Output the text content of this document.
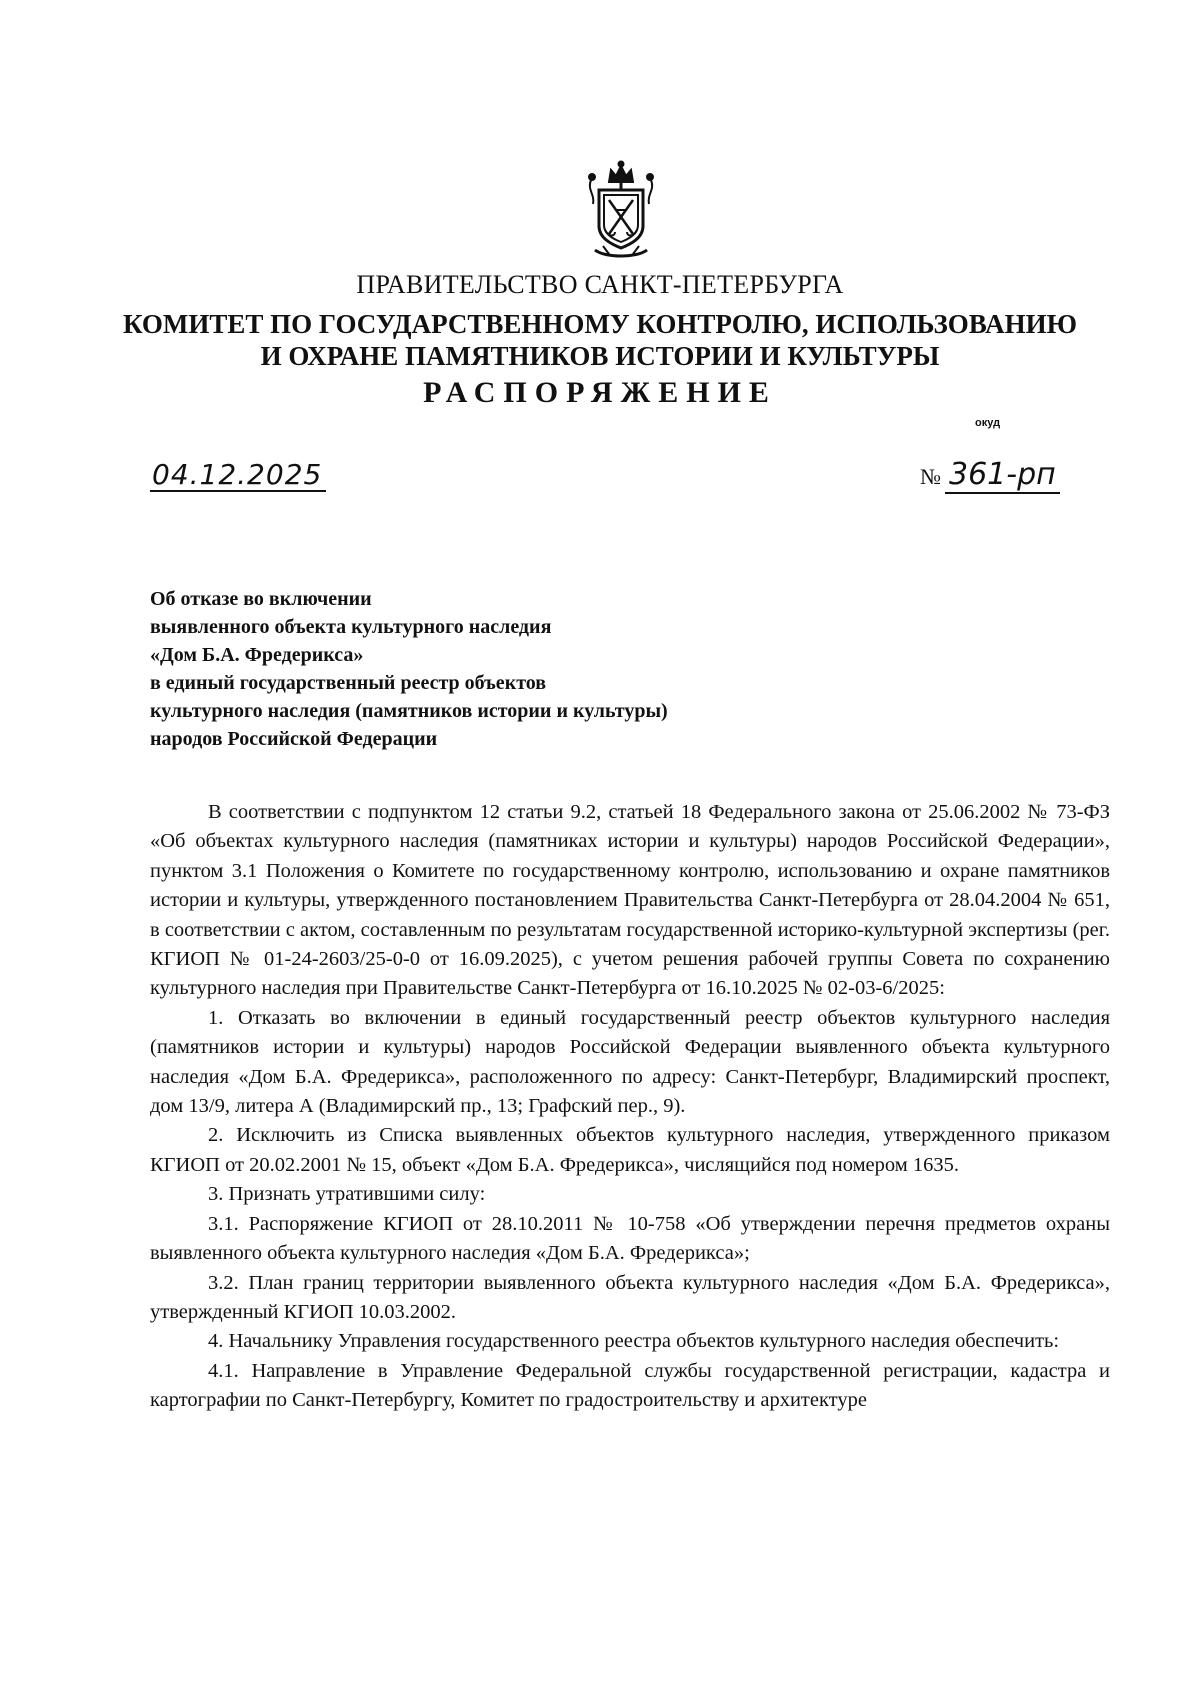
ПРАВИТЕЛЬСТВО САНКТ-ПЕТЕРБУРГА
КОМИТЕТ ПО ГОСУДАРСТВЕННОМУ КОНТРОЛЮ, ИСПОЛЬЗОВАНИЮ
И ОХРАНЕ ПАМЯТНИКОВ ИСТОРИИ И КУЛЬТУРЫ
РАСПОРЯЖЕНИЕ
окуд
04.12.2025	№ 361-рп
Об отказе во включении
выявленного объекта культурного наследия
«Дом Б.А. Фредерикса»
в единый государственный реестр объектов
культурного наследия (памятников истории и культуры)
народов Российской Федерации

В соответствии с подпунктом 12 статьи 9.2, статьей 18 Федерального закона от 25.06.2002 № 73-ФЗ «Об объектах культурного наследия (памятниках истории и культуры) народов Российской Федерации», пунктом 3.1 Положения о Комитете по государственному контролю, использованию и охране памятников истории и культуры, утвержденного постановлением Правительства Санкт-Петербурга от 28.04.2004 № 651, в соответствии с актом, составленным по результатам государственной историко-культурной экспертизы (рег. КГИОП № 01-24-2603/25-0-0 от 16.09.2025), с учетом решения рабочей группы Совета по сохранению культурного наследия при Правительстве Санкт-Петербурга от 16.10.2025 № 02-03-6/2025:

1. Отказать во включении в единый государственный реестр объектов культурного наследия (памятников истории и культуры) народов Российской Федерации выявленного объекта культурного наследия «Дом Б.А. Фредерикса», расположенного по адресу: Санкт-Петербург, Владимирский проспект, дом 13/9, литера А (Владимирский пр., 13; Графский пер., 9).

2. Исключить из Списка выявленных объектов культурного наследия, утвержденного приказом КГИОП от 20.02.2001 № 15, объект «Дом Б.А. Фредерикса», числящийся под номером 1635.

3. Признать утратившими силу:

3.1. Распоряжение КГИОП от 28.10.2011 № 10-758 «Об утверждении перечня предметов охраны выявленного объекта культурного наследия «Дом Б.А. Фредерикса»;

3.2. План границ территории выявленного объекта культурного наследия «Дом Б.А. Фредерикса», утвержденный КГИОП 10.03.2002.

4. Начальнику Управления государственного реестра объектов культурного наследия обеспечить:

4.1. Направление в Управление Федеральной службы государственной регистрации, кадастра и картографии по Санкт-Петербургу, Комитет по градостроительству и архитектуре
